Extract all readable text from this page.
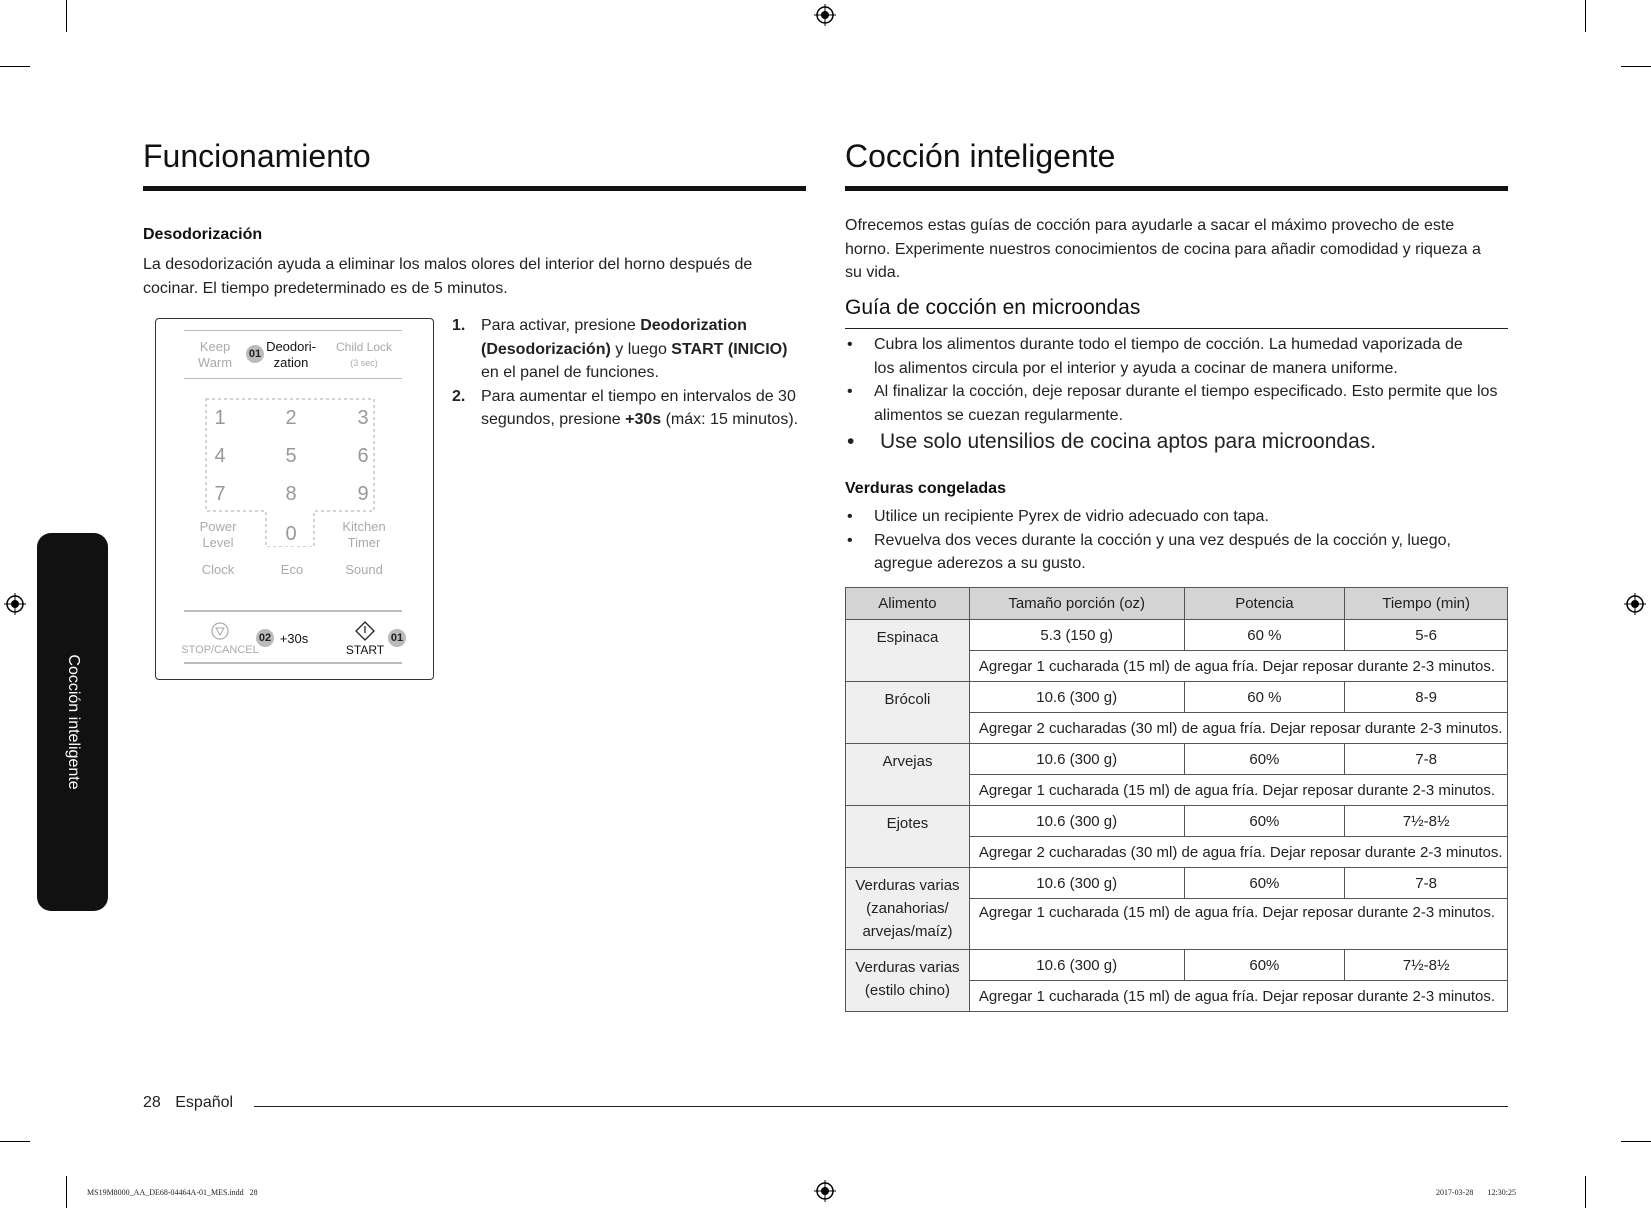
Cocción inteligente
Funcionamiento
Desodorización
La desodorización ayuda a eliminar los malos olores del interior del horno después de
cocinar. El tiempo predeterminado es de 5 minutos.
Keep
Warm
01 Deodori-
zation
Child Lock
(3 sec)
1	2	3
4	5	6
7	8	9
Power
Level	0	Kitchen
Timer
Clock	Eco	Sound
STOP/CANCEL
02 +30s
START
01
1. Para activar, presione Deodorization (Desodorización) y luego START (INICIO) en el panel de funciones.
2. Para aumentar el tiempo en intervalos de 30 segundos, presione +30s (máx: 15 minutos).
Cocción inteligente
Ofrecemos estas guías de cocción para ayudarle a sacar el máximo provecho de este
horno. Experimente nuestros conocimientos de cocina para añadir comodidad y riqueza a
su vida.
Guía de cocción en microondas
• Cubra los alimentos durante todo el tiempo de cocción. La humedad vaporizada de los alimentos circula por el interior y ayuda a cocinar de manera uniforme.
• Al finalizar la cocción, deje reposar durante el tiempo especificado. Esto permite que los alimentos se cuezan regularmente.
• Use solo utensilios de cocina aptos para microondas.
Verduras congeladas
• Utilice un recipiente Pyrex de vidrio adecuado con tapa.
• Revuelva dos veces durante la cocción y una vez después de la cocción y, luego, agregue aderezos a su gusto.
Alimento	Tamaño porción (oz)	Potencia	Tiempo (min)
Espinaca	5.3 (150 g)	60 %	5-6
	Agregar 1 cucharada (15 ml) de agua fría. Dejar reposar durante 2-3 minutos.		
Brócoli	10.6 (300 g)	60 %	8-9
	Agregar 2 cucharadas (30 ml) de agua fría. Dejar reposar durante 2-3 minutos.		
Arvejas	10.6 (300 g)	60%	7-8
	Agregar 1 cucharada (15 ml) de agua fría. Dejar reposar durante 2-3 minutos.		
Ejotes	10.6 (300 g)	60%	7½-8½
	Agregar 2 cucharadas (30 ml) de agua fría. Dejar reposar durante 2-3 minutos.		
Verduras varias (zanahorias/ arvejas/maíz)	10.6 (300 g)	60%	7-8
	Agregar 1 cucharada (15 ml) de agua fría. Dejar reposar durante 2-3 minutos.		
Verduras varias (estilo chino)	10.6 (300 g)	60%	7½-8½
	Agregar 1 cucharada (15 ml) de agua fría. Dejar reposar durante 2-3 minutos.		
28 Español
MS19M8000_AA_DE68-04464A-01_MES.indd   28	2017-03-28   ￿ 12:30:25
